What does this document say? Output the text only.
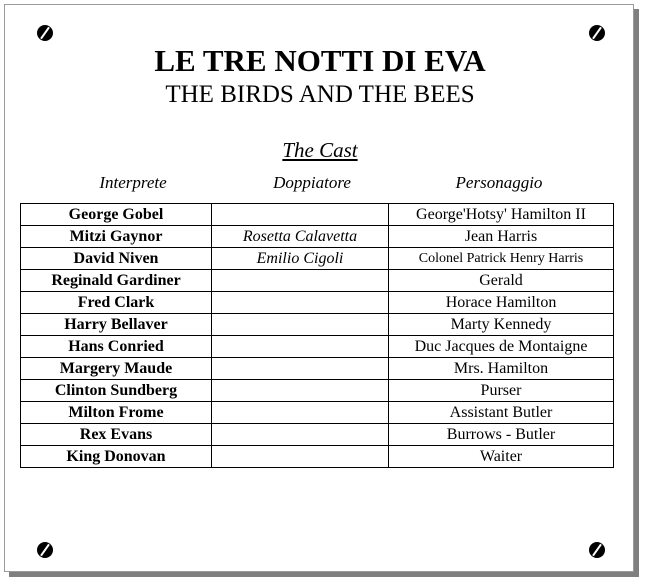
LE TRE NOTTI DI EVA
THE BIRDS AND THE BEES
The Cast
Interprete	Doppiatore	Personaggio
George Gobel		George'Hotsy' Hamilton II
Mitzi Gaynor	Rosetta Calavetta	Jean Harris
David Niven	Emilio Cigoli	Colonel Patrick Henry Harris
Reginald Gardiner		Gerald
Fred Clark		Horace Hamilton
Harry Bellaver		Marty Kennedy
Hans Conried		Duc Jacques de Montaigne
Margery Maude		Mrs. Hamilton
Clinton Sundberg		Purser
Milton Frome		Assistant Butler
Rex Evans		Burrows - Butler
King Donovan		Waiter
